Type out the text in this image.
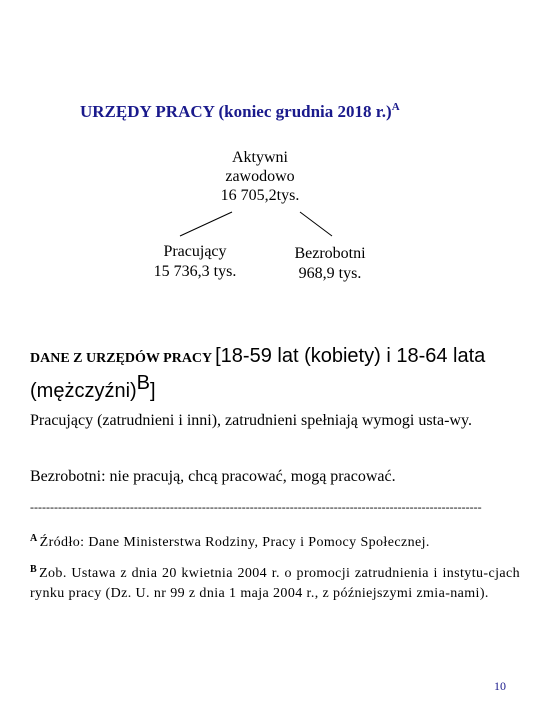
URZĘDY PRACY (koniec grudnia 2018 r.)$^A$
Aktywni
zawodowo
16 705,2tys.
Pracujący
15 736,3 tys.
Bezrobotni
968,9 tys.
DANE Z URZĘDÓW PRACY [18-59 lat (kobiety) i 18-64 lata (mężczyźni)$^B$]
Pracujący (zatrudnieni i inni), zatrudnieni spełniają wymogi usta-wy.
Bezrobotni: nie pracują, chcą pracować, mogą pracować.
-----------------------------------------------------------------------------------------------------------------
$^A$ Źródło: Dane Ministerstwa Rodziny, Pracy i Pomocy Społecznej.
$^B$ Zob. Ustawa z dnia 20 kwietnia 2004 r. o promocji zatrudnienia i instytu-cjach rynku pracy (Dz. U. nr 99 z dnia 1 maja 2004 r., z późniejszymi zmia-nami).
10
